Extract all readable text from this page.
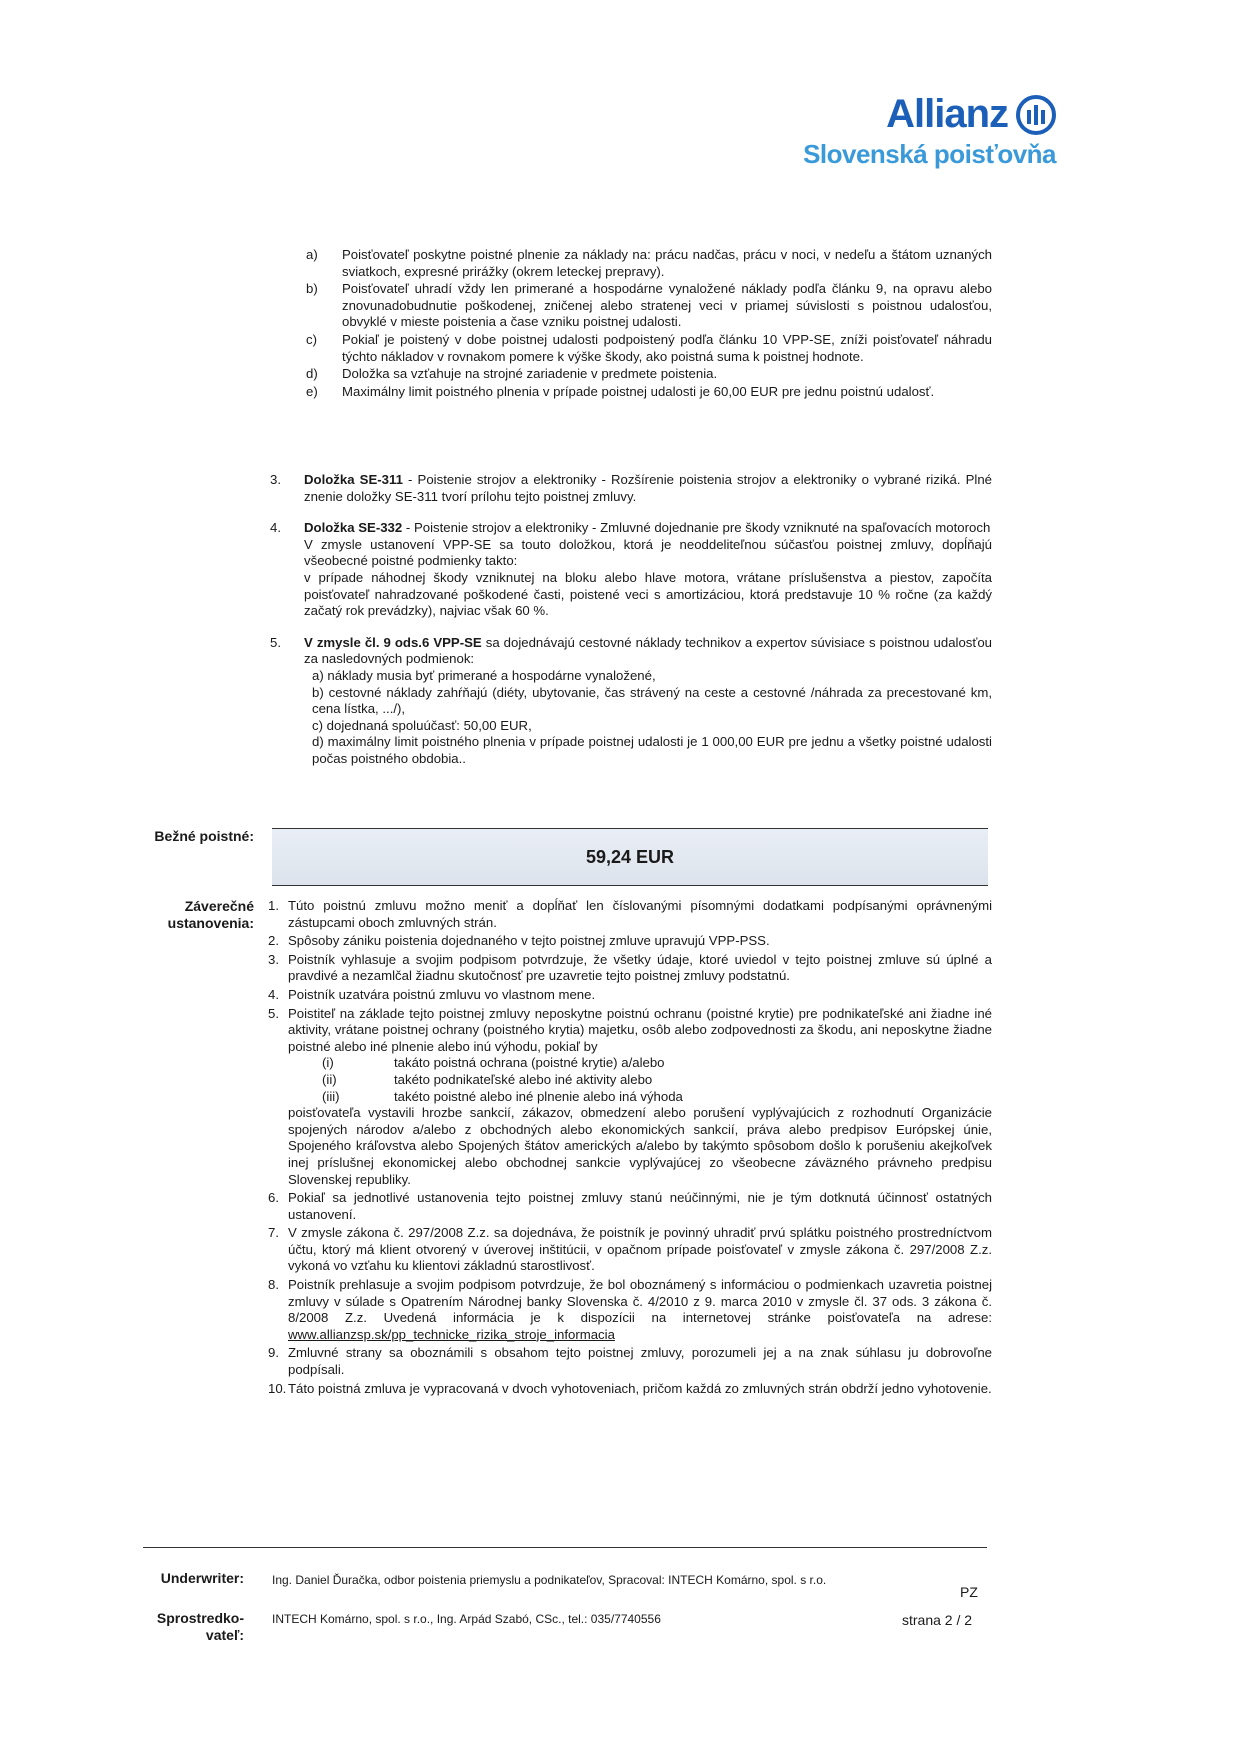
Allianz
Slovenská poisťovňa
a)	Poisťovateľ poskytne poistné plnenie za náklady na: prácu nadčas, prácu v noci, v nedeľu a štátom uznaných sviatkoch, expresné prirážky (okrem leteckej prepravy).
b)	Poisťovateľ uhradí vždy len primerané a hospodárne vynaložené náklady podľa článku 9, na opravu alebo znovunadobudnutie poškodenej, zničenej alebo stratenej veci v priamej súvislosti s poistnou udalosťou, obvyklé v mieste poistenia a čase vzniku poistnej udalosti.
c)	Pokiaľ je poistený v dobe poistnej udalosti podpoistený podľa článku 10 VPP-SE, zníži poisťovateľ náhradu týchto nákladov v rovnakom pomere k výške škody, ako poistná suma k poistnej hodnote.
d)	Doložka sa vzťahuje na strojné zariadenie v predmete poistenia.
e)	Maximálny limit poistného plnenia v prípade poistnej udalosti je 60,00 EUR pre jednu poistnú udalosť.
3.	Doložka SE-311 - Poistenie strojov a elektroniky - Rozšírenie poistenia strojov a elektroniky o vybrané riziká. Plné znenie doložky SE-311 tvorí prílohu tejto poistnej zmluvy.
4.	Doložka SE-332 - Poistenie strojov a elektroniky - Zmluvné dojednanie pre škody vzniknuté na spaľovacích motoroch
V zmysle ustanovení VPP-SE sa touto doložkou, ktorá je neoddeliteľnou súčasťou poistnej zmluvy, dopĺňajú všeobecné poistné podmienky takto:
v prípade náhodnej škody vzniknutej na bloku alebo hlave motora, vrátane príslušenstva a piestov, započíta poisťovateľ nahradzované poškodené časti, poistené veci s amortizáciou, ktorá predstavuje 10 % ročne (za každý začatý rok prevádzky), najviac však 60 %.
5.	V zmysle čl. 9 ods.6 VPP-SE sa dojednávajú cestovné náklady technikov a expertov súvisiace s poistnou udalosťou za nasledovných podmienok:
a) náklady musia byť primerané a hospodárne vynaložené,
b) cestovné náklady zahŕňajú (diéty, ubytovanie, čas strávený na ceste a cestovné /náhrada za precestované km, cena lístka, .../),
c) dojednaná spoluúčasť: 50,00 EUR,
d) maximálny limit poistného plnenia v prípade poistnej udalosti je 1 000,00 EUR pre jednu a všetky poistné udalosti počas poistného obdobia..
Bežné poistné:
59,24 EUR
Záverečné ustanovenia:
1. Túto poistnú zmluvu možno meniť a dopĺňať len číslovanými písomnými dodatkami podpísanými oprávnenými zástupcami oboch zmluvných strán.
2. Spôsoby zániku poistenia dojednaného v tejto poistnej zmluve upravujú VPP-PSS.
3. Poistník vyhlasuje a svojim podpisom potvrdzuje, že všetky údaje, ktoré uviedol v tejto poistnej zmluve sú úplné a pravdivé a nezamlčal žiadnu skutočnosť pre uzavretie tejto poistnej zmluvy podstatnú.
4. Poistník uzatvára poistnú zmluvu vo vlastnom mene.
5. Poistiteľ na základe tejto poistnej zmluvy neposkytne poistnú ochranu (poistné krytie) pre podnikateľské ani žiadne iné aktivity, vrátane poistnej ochrany (poistného krytia) majetku, osôb alebo zodpovednosti za škodu, ani neposkytne žiadne poistné alebo iné plnenie alebo inú výhodu, pokiaľ by
(i)	takáto poistná ochrana (poistné krytie) a/alebo
(ii)	takéto podnikateľské alebo iné aktivity alebo
(iii)	takéto poistné alebo iné plnenie alebo iná výhoda
poisťovateľa vystavili hrozbe sankcií, zákazov, obmedzení alebo porušení vyplývajúcich z rozhodnutí Organizácie spojených národov a/alebo z obchodných alebo ekonomických sankcií, práva alebo predpisov Európskej únie, Spojeného kráľovstva alebo Spojených štátov amerických a/alebo by takýmto spôsobom došlo k porušeniu akejkoľvek inej príslušnej ekonomickej alebo obchodnej sankcie vyplývajúcej zo všeobecne záväzného právneho predpisu Slovenskej republiky.
6. Pokiaľ sa jednotlivé ustanovenia tejto poistnej zmluvy stanú neúčinnými, nie je tým dotknutá účinnosť ostatných ustanovení.
7. V zmysle zákona č. 297/2008 Z.z. sa dojednáva, že poistník je povinný uhradiť prvú splátku poistného prostredníctvom účtu, ktorý má klient otvorený v úverovej inštitúcii, v opačnom prípade poisťovateľ v zmysle zákona č. 297/2008 Z.z. vykoná vo vzťahu ku klientovi základnú starostlivosť.
8. Poistník prehlasuje a svojim podpisom potvrdzuje, že bol oboznámený s informáciou o podmienkach uzavretia poistnej zmluvy v súlade s Opatrením Národnej banky Slovenska č. 4/2010 z 9. marca 2010 v zmysle čl. 37 ods. 3 zákona č. 8/2008 Z.z. Uvedená informácia je k dispozícii na internetovej stránke poisťovateľa na adrese: www.allianzsp.sk/pp_technicke_rizika_stroje_informacia
9. Zmluvné strany sa oboznámili s obsahom tejto poistnej zmluvy, porozumeli jej a na znak súhlasu ju dobrovoľne podpísali.
10. Táto poistná zmluva je vypracovaná v dvoch vyhotoveniach, pričom každá zo zmluvných strán obdrží jedno vyhotovenie.
Underwriter: Ing. Daniel Ďuračka, odbor poistenia priemyslu a podnikateľov, Spracoval: INTECH Komárno, spol. s r.o.
Sprostredko-
vateľ:
INTECH Komárno, spol. s r.o., Ing. Arpád Szabó, CSc., tel.: 035/7740556
PZ
strana 2 / 2
